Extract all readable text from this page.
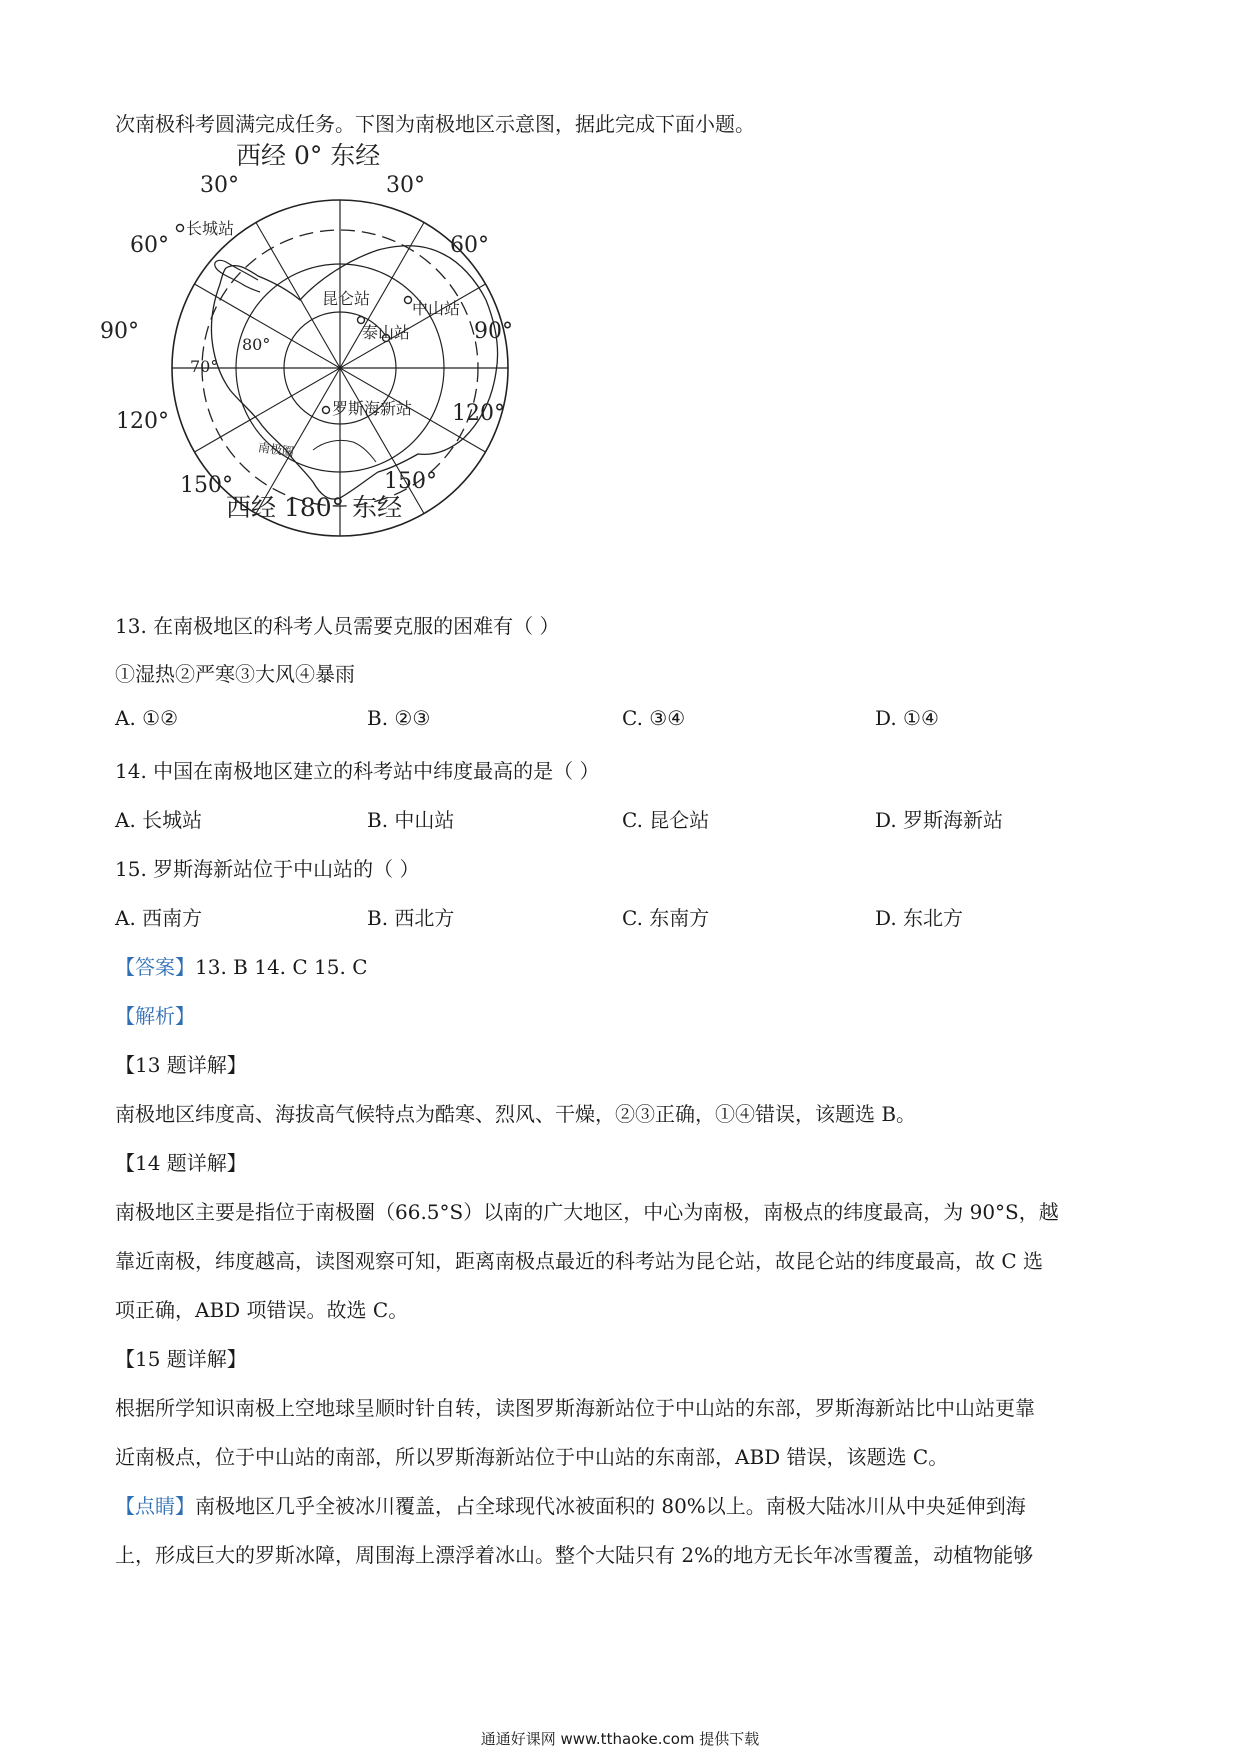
次南极科考圆满完成任务。下图为南极地区示意图，据此完成下面小题。
西经 0° 东经
30°	30°
60°	60°
90°	90°
120°	120°
150°	150°
西经 180° 东经
80°
70°
南极圈
长城站
昆仑站
中山站
泰山站
罗斯海新站
13. 在南极地区的科考人员需要克服的困难有（ ）
①湿热②严寒③大风④暴雨
A. ①②	B. ②③	C. ③④	D. ①④
14. 中国在南极地区建立的科考站中纬度最高的是（ ）
A. 长城站	B. 中山站	C. 昆仑站	D. 罗斯海新站
15. 罗斯海新站位于中山站的（ ）
A. 西南方	B. 西北方	C. 东南方	D. 东北方
【答案】13. B 14. C 15. C
【解析】
【13 题详解】
南极地区纬度高、海拔高气候特点为酷寒、烈风、干燥，②③正确，①④错误，该题选 B。
【14 题详解】
南极地区主要是指位于南极圈（66.5°S）以南的广大地区，中心为南极，南极点的纬度最高，为 90°S，越
靠近南极，纬度越高，读图观察可知，距离南极点最近的科考站为昆仑站，故昆仑站的纬度最高，故 C 选
项正确，ABD 项错误。故选 C。
【15 题详解】
根据所学知识南极上空地球呈顺时针自转，读图罗斯海新站位于中山站的东部，罗斯海新站比中山站更靠
近南极点，位于中山站的南部，所以罗斯海新站位于中山站的东南部，ABD 错误，该题选 C。
【点睛】南极地区几乎全被冰川覆盖，占全球现代冰被面积的 80%以上。南极大陆冰川从中央延伸到海
上，形成巨大的罗斯冰障，周围海上漂浮着冰山。整个大陆只有 2%的地方无长年冰雪覆盖，动植物能够
通通好课网 www.tthaoke.com 提供下载
